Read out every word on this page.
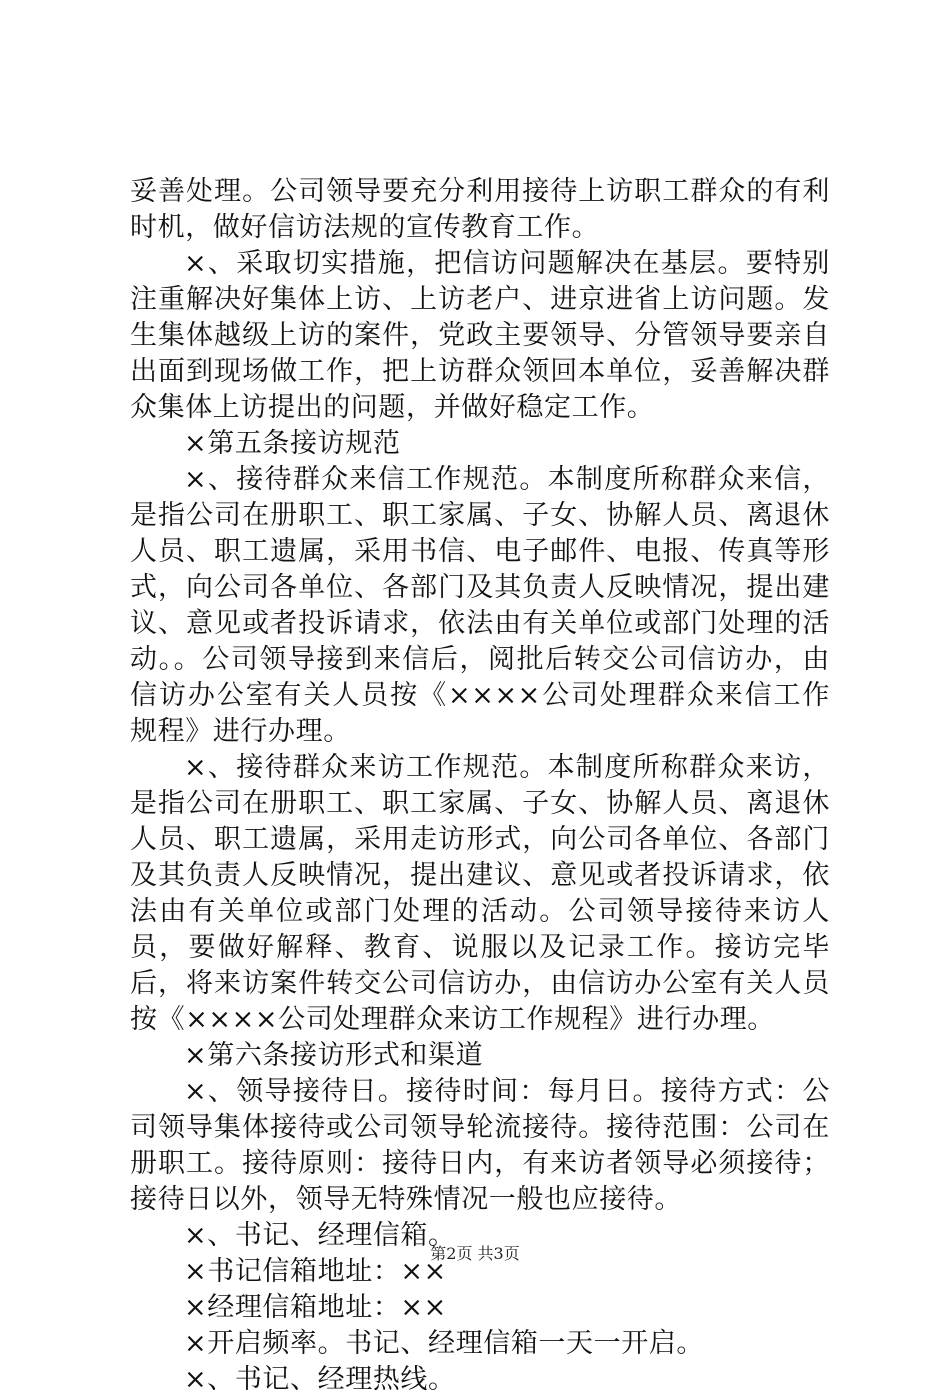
妥善处理。公司领导要充分利用接待上访职工群众的有利时机，做好信访法规的宣传教育工作。

×、采取切实措施，把信访问题解决在基层。要特别注重解决好集体上访、上访老户、进京进省上访问题。发生集体越级上访的案件，党政主要领导、分管领导要亲自出面到现场做工作，把上访群众领回本单位，妥善解决群众集体上访提出的问题，并做好稳定工作。

×第五条接访规范

×、接待群众来信工作规范。本制度所称群众来信，是指公司在册职工、职工家属、子女、协解人员、离退休人员、职工遗属，采用书信、电子邮件、电报、传真等形式，向公司各单位、各部门及其负责人反映情况，提出建议、意见或者投诉请求，依法由有关单位或部门处理的活动。。公司领导接到来信后，阅批后转交公司信访办，由信访办公室有关人员按《××××公司处理群众来信工作规程》进行办理。

×、接待群众来访工作规范。本制度所称群众来访，是指公司在册职工、职工家属、子女、协解人员、离退休人员、职工遗属，采用走访形式，向公司各单位、各部门及其负责人反映情况，提出建议、意见或者投诉请求，依法由有关单位或部门处理的活动。公司领导接待来访人员，要做好解释、教育、说服以及记录工作。接访完毕后，将来访案件转交公司信访办，由信访办公室有关人员按《××××公司处理群众来访工作规程》进行办理。

×第六条接访形式和渠道

×、领导接待日。接待时间：每月日。接待方式：公司领导集体接待或公司领导轮流接待。接待范围：公司在册职工。接待原则：接待日内，有来访者领导必须接待；接待日以外，领导无特殊情况一般也应接待。

×、书记、经理信箱。

×书记信箱地址：××

×经理信箱地址：××

×开启频率。书记、经理信箱一天一开启。

×、书记、经理热线。

第2页 共3页
